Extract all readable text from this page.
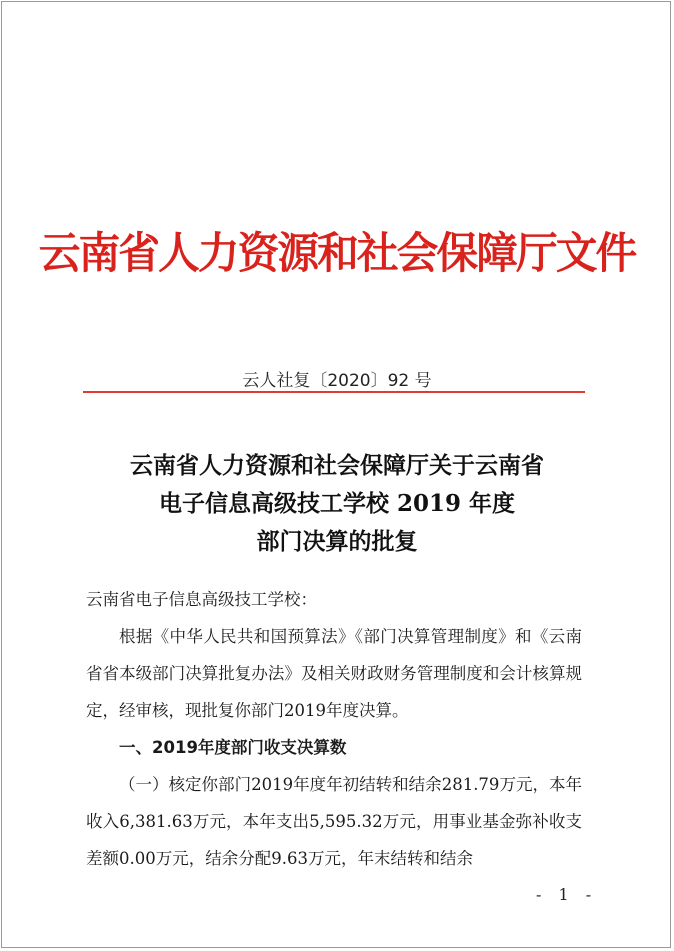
云南省人力资源和社会保障厅文件
云人社复〔2020〕92 号
云南省人力资源和社会保障厅关于云南省
电子信息高级技工学校 2019 年度
部门决算的批复

云南省电子信息高级技工学校：

根据《中华人民共和国预算法》《部门决算管理制度》和《云南省省本级部门决算批复办法》及相关财政财务管理制度和会计核算规定，经审核，现批复你部门2019年度决算。

一、2019年度部门收支决算数

（一）核定你部门2019年度年初结转和结余281.79万元，本年收入6,381.63万元，本年支出5,595.32万元，用事业基金弥补收支差额0.00万元，结余分配9.63万元，年末结转和结余

- 1 -
